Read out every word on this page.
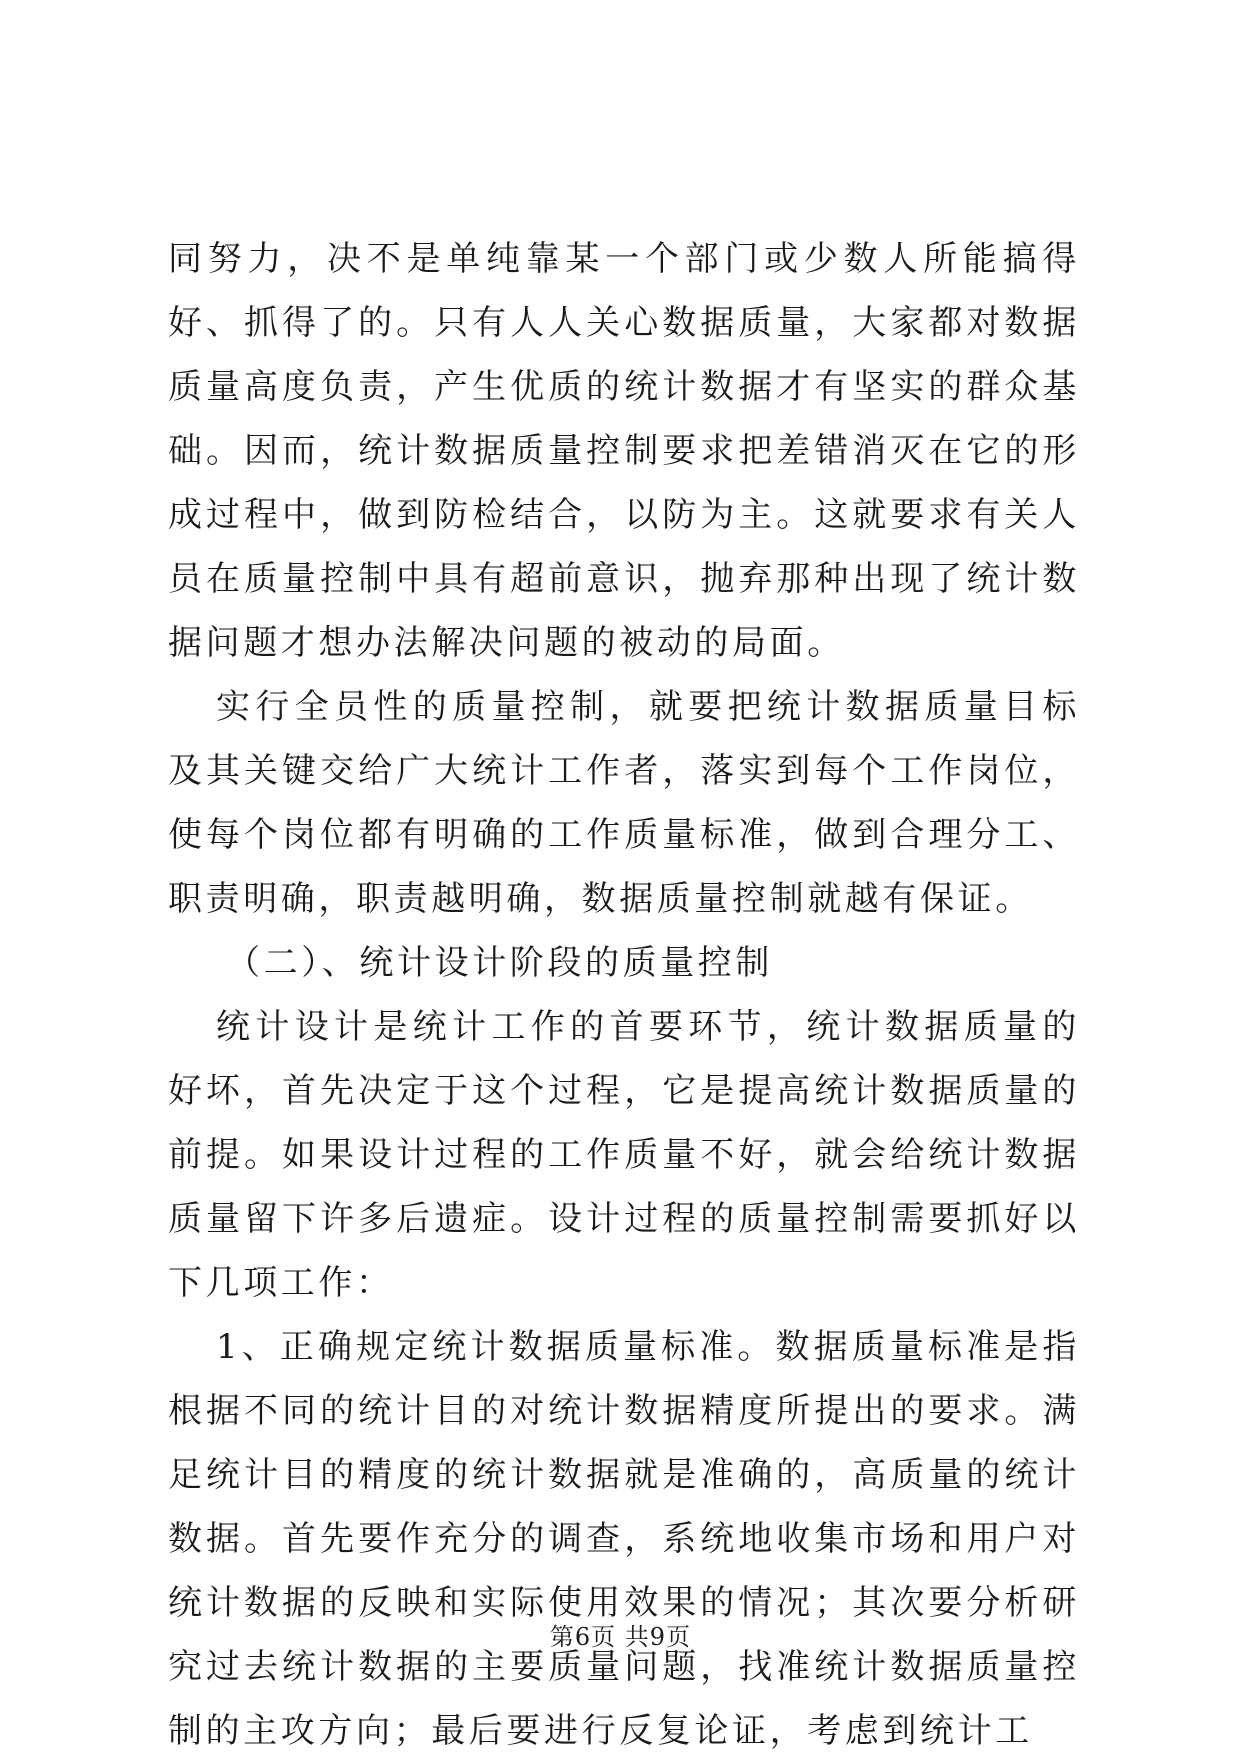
同努力，决不是单纯靠某一个部门或少数人所能搞得好、抓得了的。只有人人关心数据质量，大家都对数据质量高度负责，产生优质的统计数据才有坚实的群众基础。因而，统计数据质量控制要求把差错消灭在它的形成过程中，做到防检结合，以防为主。这就要求有关人员在质量控制中具有超前意识，抛弃那种出现了统计数据问题才想办法解决问题的被动的局面。

实行全员性的质量控制，就要把统计数据质量目标及其关键交给广大统计工作者，落实到每个工作岗位，使每个岗位都有明确的工作质量标准，做到合理分工、职责明确，职责越明确，数据质量控制就越有保证。

（二）、统计设计阶段的质量控制

统计设计是统计工作的首要环节，统计数据质量的好坏，首先决定于这个过程，它是提高统计数据质量的前提。如果设计过程的工作质量不好，就会给统计数据质量留下许多后遗症。设计过程的质量控制需要抓好以下几项工作：

1、正确规定统计数据质量标准。数据质量标准是指根据不同的统计目的对统计数据精度所提出的要求。满足统计目的精度的统计数据就是准确的，高质量的统计数据。首先要作充分的调查，系统地收集市场和用户对统计数据的反映和实际使用效果的情况；其次要分析研究过去统计数据的主要质量问题，找准统计数据质量控制的主攻方向；最后要进行反复论证，考虑到统计工

第6页 共9页
